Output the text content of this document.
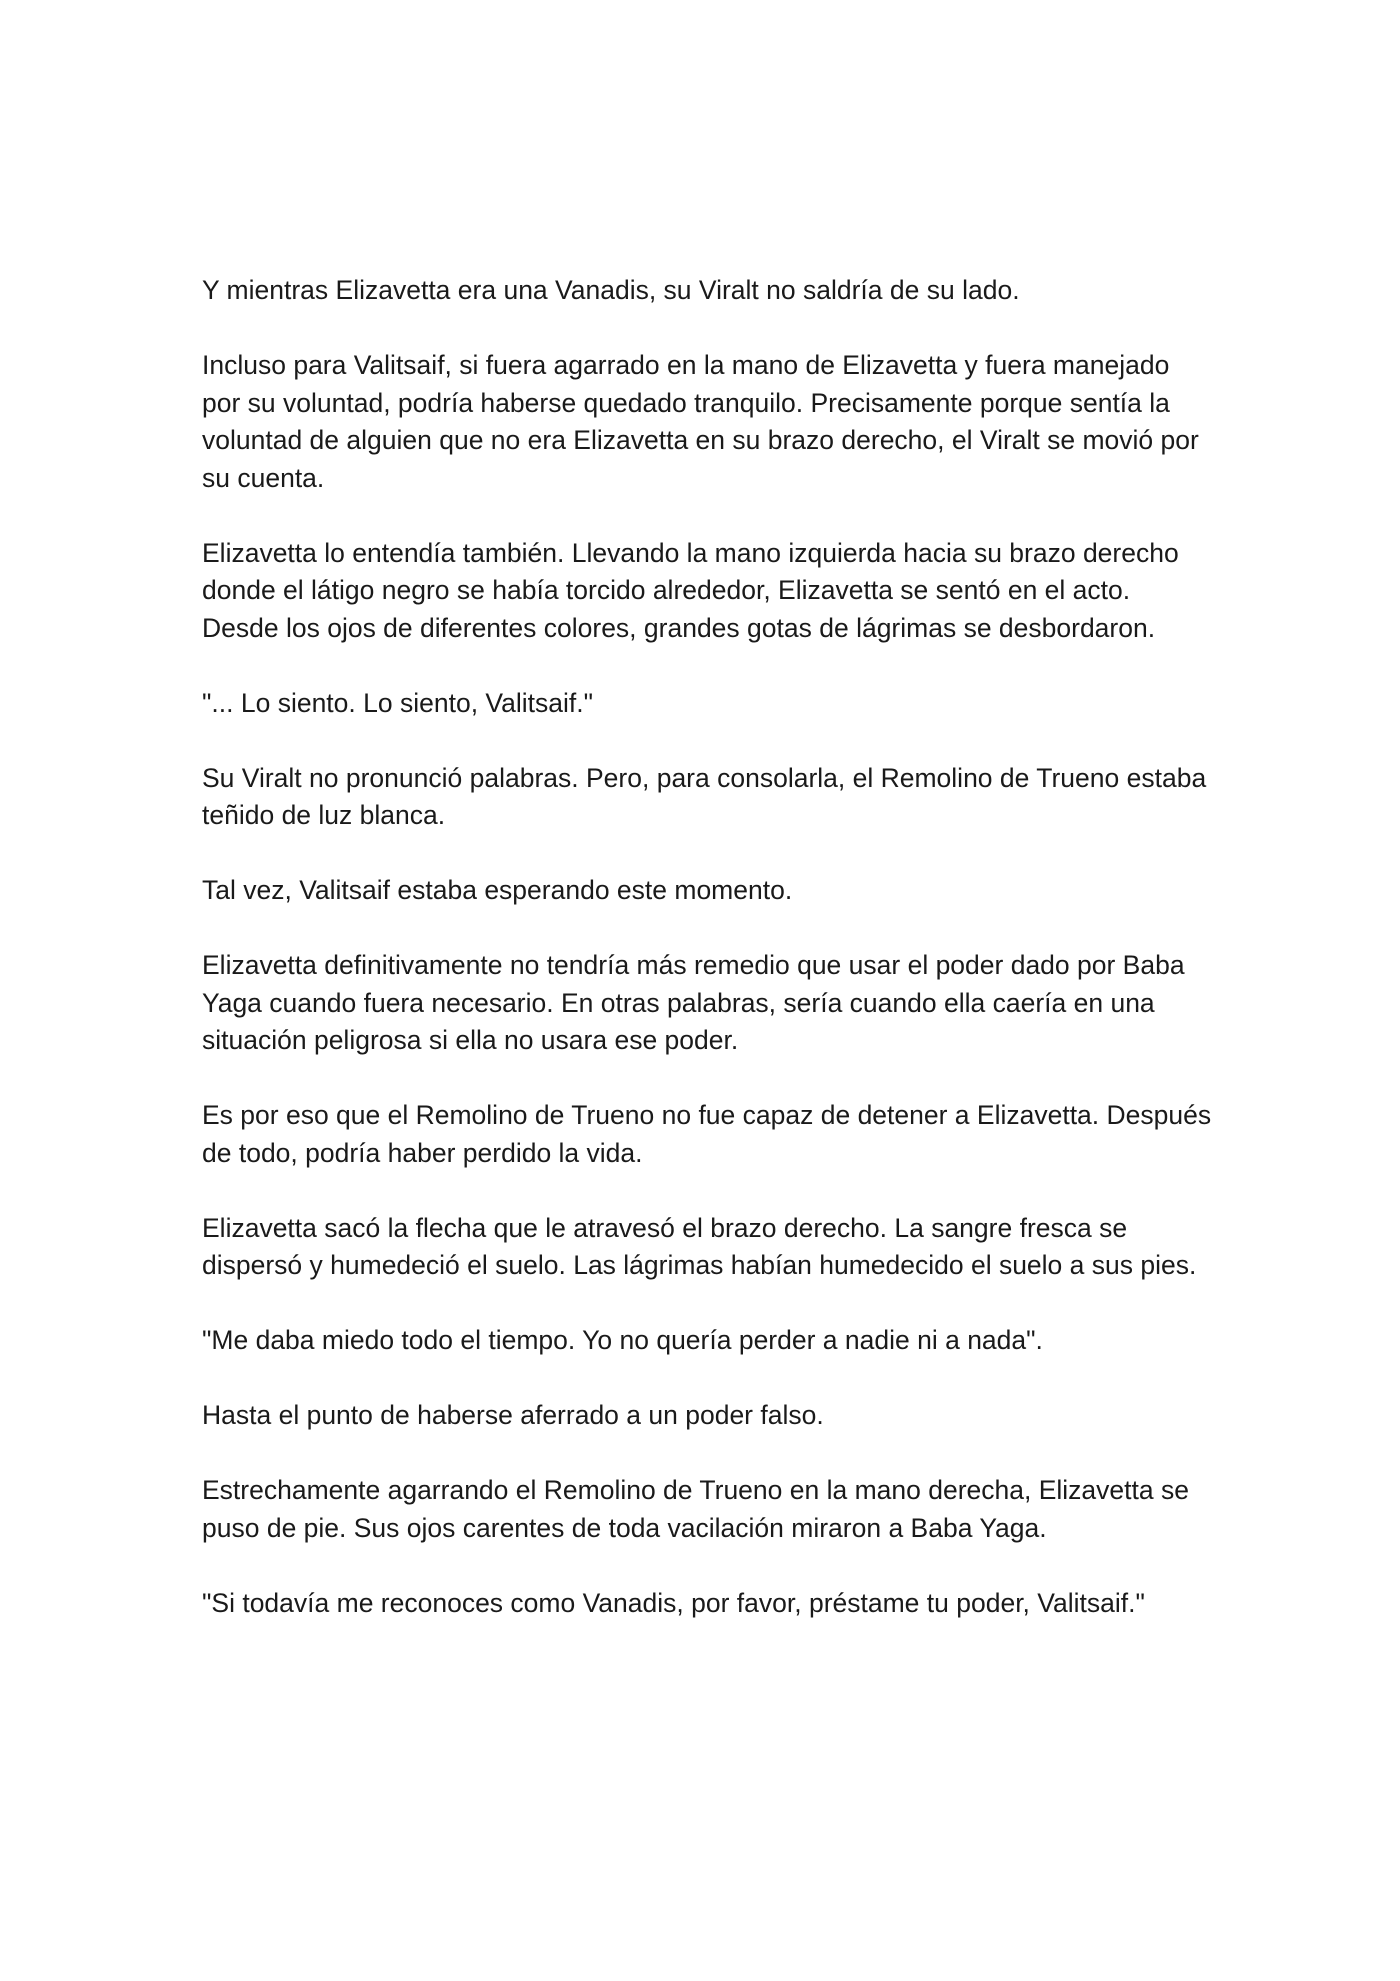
Y mientras Elizavetta era una Vanadis, su Viralt no saldría de su lado.

Incluso para Valitsaif, si fuera agarrado en la mano de Elizavetta y fuera manejado por su voluntad, podría haberse quedado tranquilo. Precisamente porque sentía la voluntad de alguien que no era Elizavetta en su brazo derecho, el Viralt se movió por su cuenta.

Elizavetta lo entendía también. Llevando la mano izquierda hacia su brazo derecho donde el látigo negro se había torcido alrededor, Elizavetta se sentó en el acto. Desde los ojos de diferentes colores, grandes gotas de lágrimas se desbordaron.

"... Lo siento. Lo siento, Valitsaif."

Su Viralt no pronunció palabras. Pero, para consolarla, el Remolino de Trueno estaba teñido de luz blanca.

Tal vez, Valitsaif estaba esperando este momento.

Elizavetta definitivamente no tendría más remedio que usar el poder dado por Baba Yaga cuando fuera necesario. En otras palabras, sería cuando ella caería en una situación peligrosa si ella no usara ese poder.

Es por eso que el Remolino de Trueno no fue capaz de detener a Elizavetta. Después de todo, podría haber perdido la vida.

Elizavetta sacó la flecha que le atravesó el brazo derecho. La sangre fresca se dispersó y humedeció el suelo. Las lágrimas habían humedecido el suelo a sus pies.

"Me daba miedo todo el tiempo. Yo no quería perder a nadie ni a nada".

Hasta el punto de haberse aferrado a un poder falso.

Estrechamente agarrando el Remolino de Trueno en la mano derecha, Elizavetta se puso de pie. Sus ojos carentes de toda vacilación miraron a Baba Yaga.

"Si todavía me reconoces como Vanadis, por favor, préstame tu poder, Valitsaif."
